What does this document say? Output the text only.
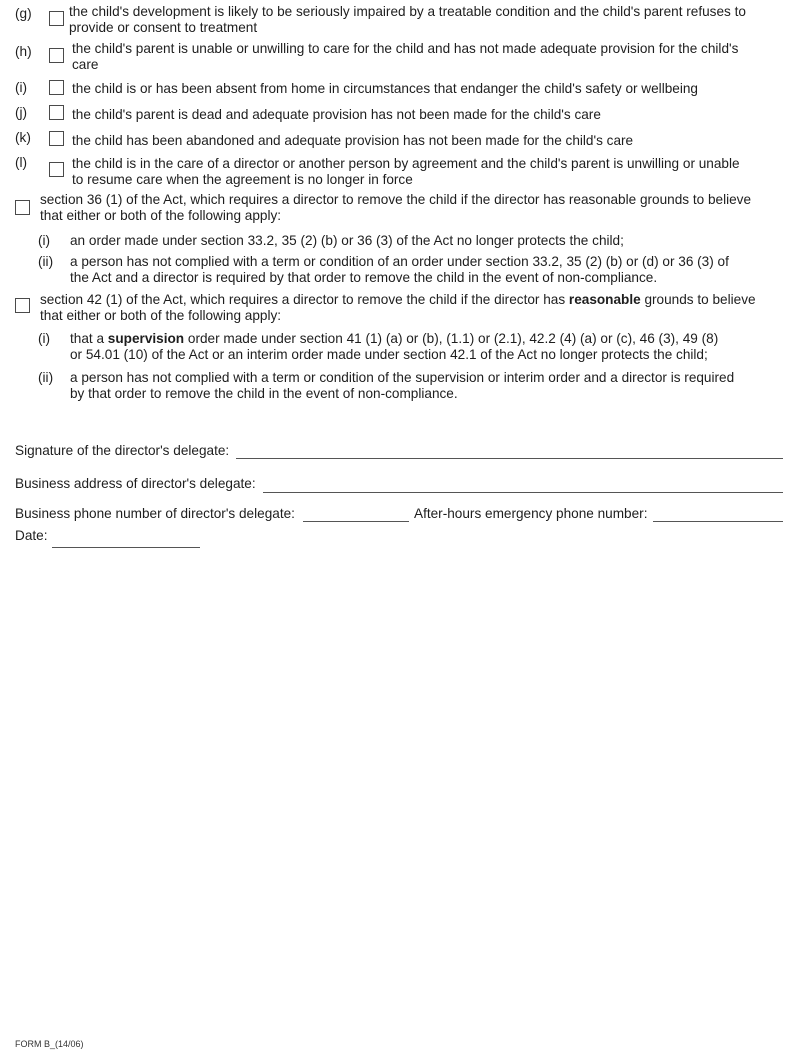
(g)	the child's development is likely to be seriously impaired by a treatable condition and the child's parent refuses to
provide or consent to treatment
(h)	the child's parent is unable or unwilling to care for the child and has not made adequate provision for the child's
care
(i)	the child is or has been absent from home in circumstances that endanger the child's safety or wellbeing
(j)	the child's parent is dead and adequate provision has not been made for the child's care
(k)	the child has been abandoned and adequate provision has not been made for the child's care
(l)	the child is in the care of a director or another person by agreement and the child's parent is unwilling or unable
to resume care when the agreement is no longer in force
section 36 (1) of the Act, which requires a director to remove the child if the director has reasonable grounds to believe
that either or both of the following apply:
(i) an order made under section 33.2, 35 (2) (b) or 36 (3) of the Act no longer protects the child;
(ii) a person has not complied with a term or condition of an order under section 33.2, 35 (2) (b) or (d) or 36 (3) of
the Act and a director is required by that order to remove the child in the event of non-compliance.
section 42 (1) of the Act, which requires a director to remove the child if the director has reasonable grounds to believe
that either or both of the following apply:
(i) that a supervision order made under section 41 (1) (a) or (b), (1.1) or (2.1), 42.2 (4) (a) or (c), 46 (3), 49 (8)
or 54.01 (10) of the Act or an interim order made under section 42.1 of the Act no longer protects the child;
(ii) a person has not complied with a term or condition of the supervision or interim order and a director is required
by that order to remove the child in the event of non-compliance.
Signature of the director's delegate:
Business address of director's delegate:
Business phone number of director's delegate:	After-hours emergency phone number:
Date:
FORM B_(14/06)
